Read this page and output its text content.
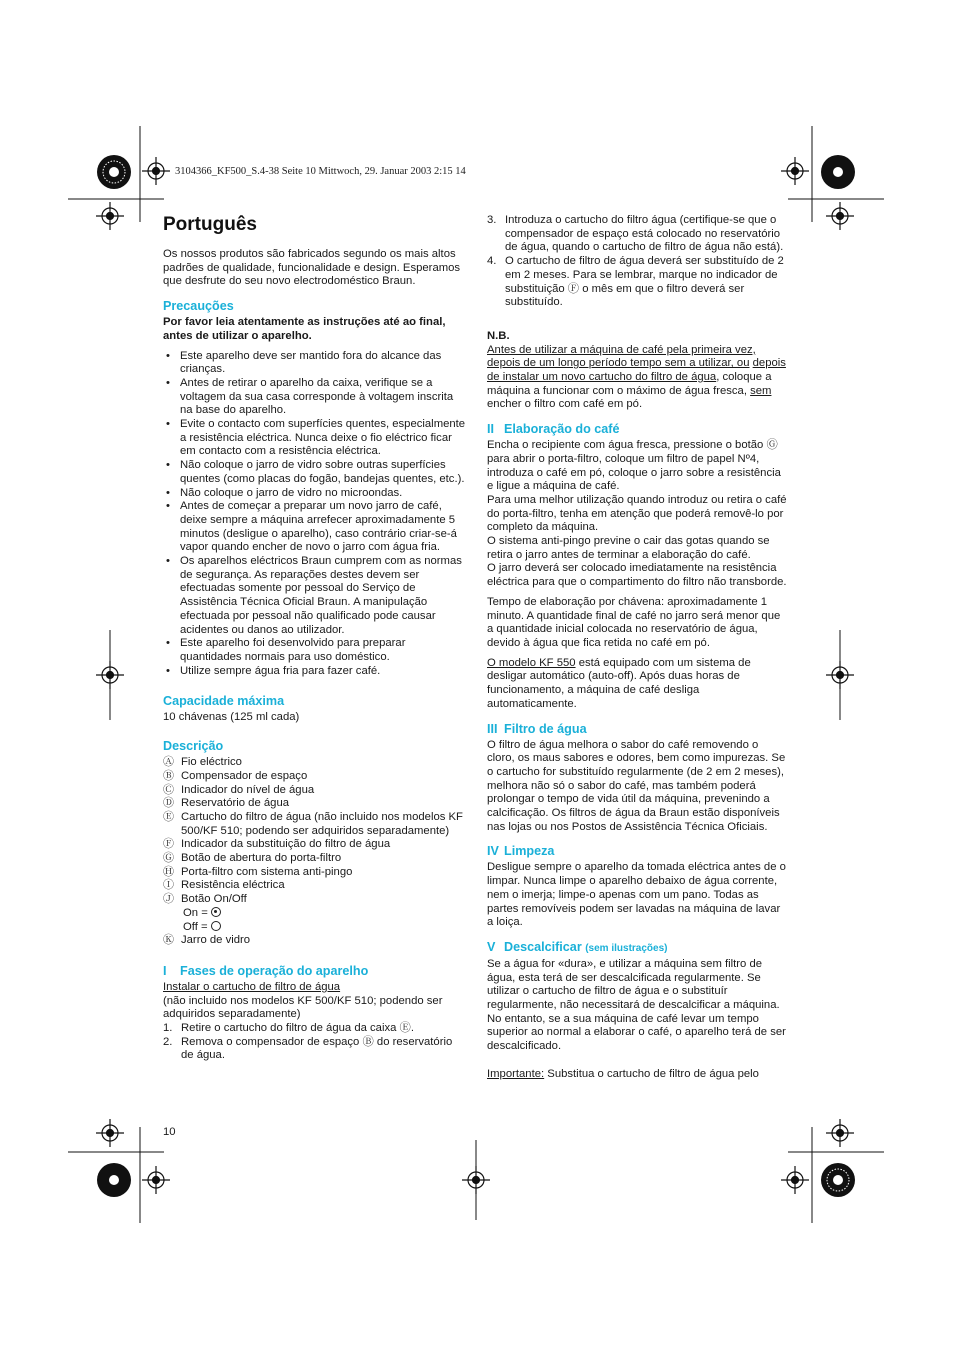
3104366_KF500_S.4-38 Seite 10 Mittwoch, 29. Januar 2003 2:15 14
Português

Os nossos produtos são fabricados segundo os mais altos padrões de qualidade, funcionalidade e design. Esperamos que desfrute do seu novo electrodoméstico Braun.

Precauções

Por favor leia atentamente as instruções até ao final, antes de utilizar o aparelho.

• Este aparelho deve ser mantido fora do alcance das crianças.
• Antes de retirar o aparelho da caixa, verifique se a voltagem da sua casa corresponde à voltagem inscrita na base do aparelho.
• Evite o contacto com superfícies quentes, especialmente a resistência eléctrica. Nunca deixe o fio eléctrico ficar em contacto com a resistência eléctrica.
• Não coloque o jarro de vidro sobre outras superfícies quentes (como placas do fogão, bandejas quentes, etc.).
• Não coloque o jarro de vidro no microondas.
• Antes de começar a preparar um novo jarro de café, deixe sempre a máquina arrefecer aproximadamente 5 minutos (desligue o aparelho), caso contrário criar-se-á vapor quando encher de novo o jarro com água fria.
• Os aparelhos eléctricos Braun cumprem com as normas de segurança. As reparações destes devem ser efectuadas somente por pessoal do Serviço de Assistência Técnica Oficial Braun. A manipulação efectuada por pessoal não qualificado pode causar acidentes ou danos ao utilizador.
• Este aparelho foi desenvolvido para preparar quantidades normais para uso doméstico.
• Utilize sempre água fria para fazer café.
Capacidade máxima

10 chávenas (125 ml cada)

Descrição
Ⓐ Fio eléctrico
Ⓑ Compensador de espaço
Ⓒ Indicador do nível de água
Ⓓ Reservatório de água
Ⓔ Cartucho do filtro de água (não incluido nos modelos KF 500/KF 510; podendo ser adquiridos separadamente)
Ⓕ Indicador da substituição do filtro de água
Ⓖ Botão de abertura do porta-filtro
Ⓗ Porta-filtro com sistema anti-pingo
Ⓘ Resistência eléctrica
Ⓙ Botão On/Off
On =
Off =
Ⓚ Jarro de vidro
I Fases de operação do aparelho

Instalar o cartucho de filtro de água

(não incluido nos modelos KF 500/KF 510; podendo ser adquiridos separadamente)

1. Retire o cartucho do filtro de água da caixa Ⓔ.
2. Remova o compensador de espaço Ⓑ do reservatório de água.
10
3. Introduza o cartucho do filtro água (certifique-se que o compensador de espaço está colocado no reservatório de água, quando o cartucho de filtro de água não está).
4. O cartucho de filtro de água deverá ser substituído de 2 em 2 meses. Para se lembrar, marque no indicador de substituição Ⓕ o mês em que o filtro deverá ser substituído.

N.B.

Antes de utilizar a máquina de café pela primeira vez, depois de um longo período tempo sem a utilizar, ou depois de instalar um novo cartucho do filtro de água, coloque a máquina a funcionar com o máximo de água fresca, sem encher o filtro com café em pó.

II Elaboração do café

Encha o recipiente com água fresca, pressione o botão Ⓖ para abrir o porta-filtro, coloque um filtro de papel Nº4, introduza o café em pó, coloque o jarro sobre a resistência e ligue a máquina de café.

Para uma melhor utilização quando introduz ou retira o café do porta-filtro, tenha em atenção que poderá removê-lo por completo da máquina.

O sistema anti-pingo previne o cair das gotas quando se retira o jarro antes de terminar a elaboração do café.

O jarro deverá ser colocado imediatamente na resistência eléctrica para que o compartimento do filtro não transborde.

Tempo de elaboração por chávena: aproximadamente 1 minuto. A quantidade final de café no jarro será menor que a quantidade inicial colocada no reservatório de água, devido à água que fica retida no café em pó.

O modelo KF 550 está equipado com um sistema de desligar automático (auto-off). Após duas horas de funcionamento, a máquina de café desliga automaticamente.

III Filtro de água

O filtro de água melhora o sabor do café removendo o cloro, os maus sabores e odores, bem como impurezas. Se o cartucho for substituído regularmente (de 2 em 2 meses), melhora não só o sabor do café, mas também poderá prolongar o tempo de vida útil da máquina, prevenindo a calcificação. Os filtros de água da Braun estão disponíveis nas lojas ou nos Postos de Assistência Técnica Oficiais.

IV Limpeza

Desligue sempre o aparelho da tomada eléctrica antes de o limpar. Nunca limpe o aparelho debaixo de água corrente, nem o imerja; limpe-o apenas com um pano. Todas as partes removíveis podem ser lavadas na máquina de lavar a loiça.

V Descalcificar (sem ilustrações)

Se a água for «dura», e utilizar a máquina sem filtro de água, esta terá de ser descalcificada regularmente. Se utilizar o cartucho de filtro de água e o substituír regularmente, não necessitará de descalcificar a máquina. No entanto, se a sua máquina de café levar um tempo superior ao normal a elaborar o café, o aparelho terá de ser descalcificado.

Importante: Substitua o cartucho de filtro de água pelo
